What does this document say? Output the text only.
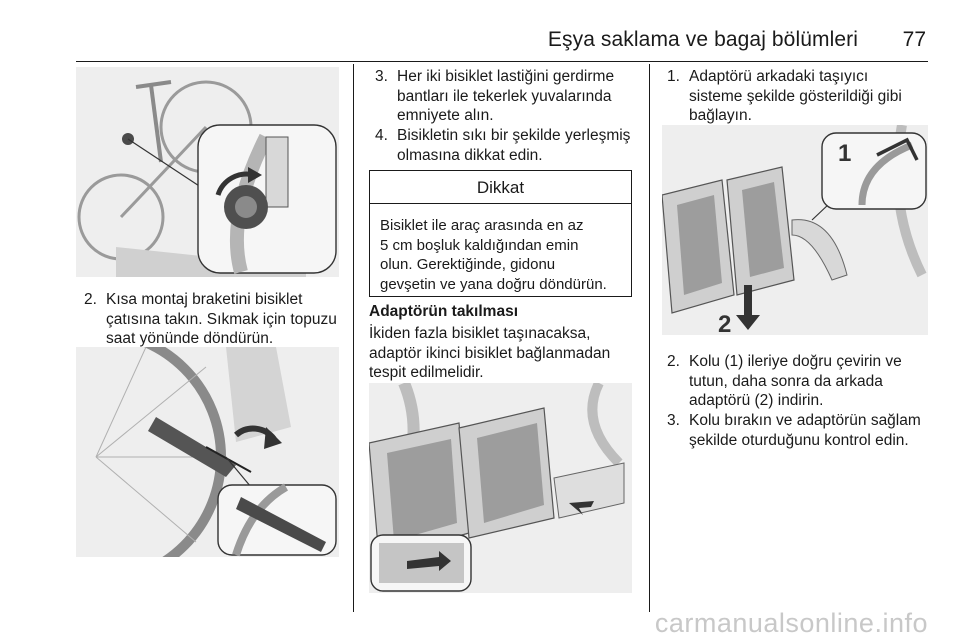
Eşya saklama ve bagaj bölümleri 77
2. Kısa montaj braketini bisiklet
çatısına takın. Sıkmak için topuzu
saat yönünde döndürün.
3. Her iki bisiklet lastiğini gerdirme
bantları ile tekerlek yuvalarında
emniyete alın.
4. Bisikletin sıkı bir şekilde yerleşmiş
olmasına dikkat edin.
Dikkat
Bisiklet ile araç arasında en az
5 cm boşluk kaldığından emin
olun. Gerektiğinde, gidonu
gevşetin ve yana doğru döndürün.
Adaptörün takılması
İkiden fazla bisiklet taşınacaksa,
adaptör ikinci bisiklet bağlanmadan
tespit edilmelidir.
1. Adaptörü arkadaki taşıyıcı
sisteme şekilde gösterildiği gibi
bağlayın.
1
2
2. Kolu (1) ileriye doğru çevirin ve
tutun, daha sonra da arkada
adaptörü (2) indirin.
3. Kolu bırakın ve adaptörün sağlam
şekilde oturduğunu kontrol edin.
carmanualsonline.info
